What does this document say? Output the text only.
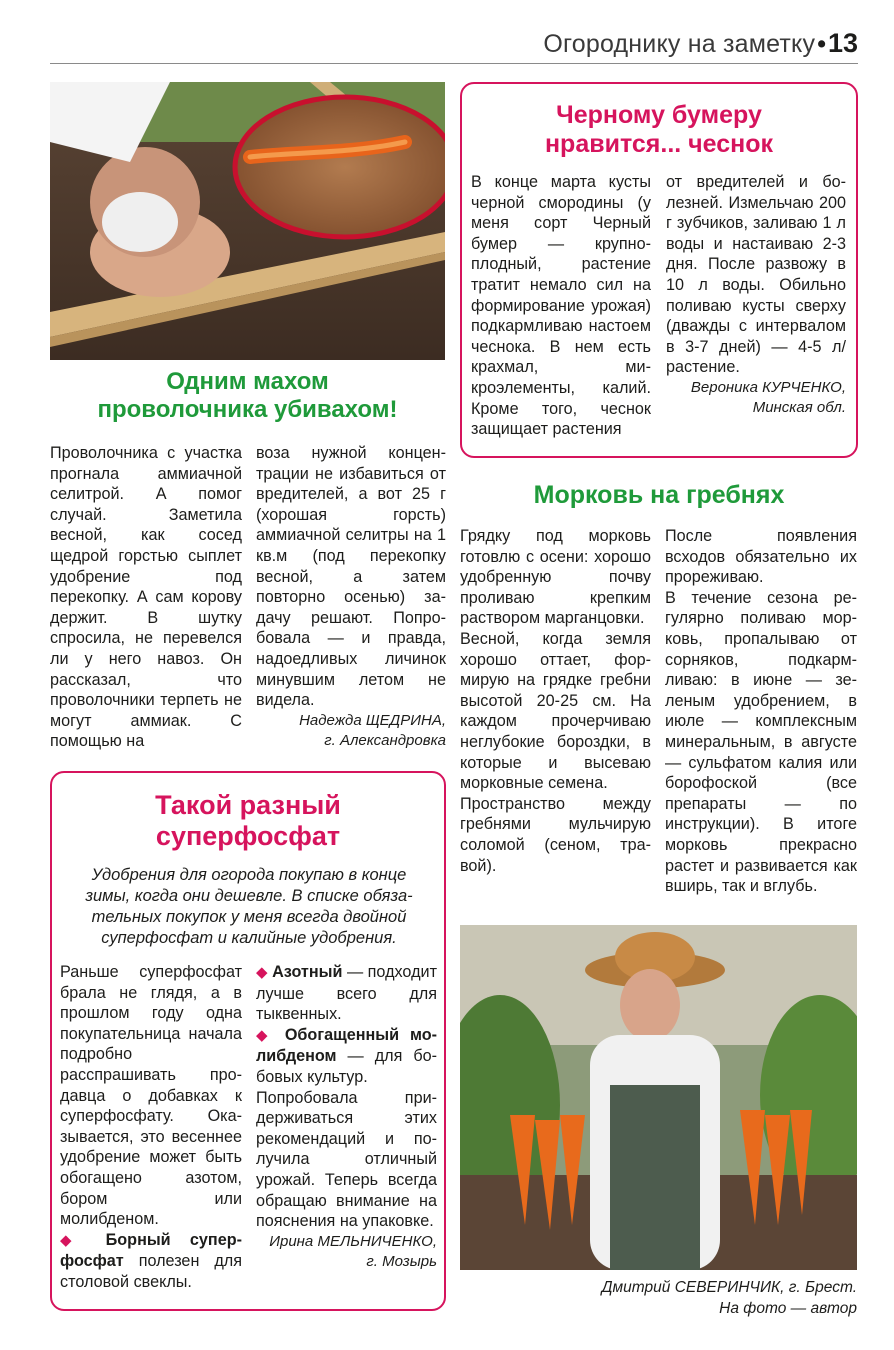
Огороднику на заметку•13
Одним махом
проволочника убивахом!

Проволочника с участка прогнала аммиачной селитрой. А помог случай. Заметила весной, как сосед щедрой горстью сыплет удобрение под перекопку. А сам корову держит. В шутку спросила, не перевелся ли у него навоз. Он рассказал, что проволочники терпеть не могут аммиак. С помощью на

воза нужной концентрации не избавиться от вредителей, а вот 25 г (хорошая горсть) аммиачной селитры на 1 кв.м (под перекопку весной, а затем повторно осенью) задачу решают. Попробовала — и правда, надоедливых личинок минувшим летом не видела.

Надежда ЩЕДРИНА,
г. Александровка
Черному бумеру
нравится... чеснок

В конце марта кусты черной смородины (у меня сорт Черный бумер — крупноплодный, растение тратит немало сил на формирование урожая) подкармливаю настоем чеснока. В нем есть крахмал, микроэлементы, калий. Кроме того, чеснок защищает растения

от вредителей и болезней. Измельчаю 200 г зубчиков, заливаю 1 л воды и настаиваю 2-3 дня. После развожу в 10 л воды. Обильно поливаю кусты сверху (дважды с интервалом в 3-7 дней) — 4-5 л/растение.

Вероника КУРЧЕНКО,
Минская обл.
Морковь на гребнях

Грядку под морковь готовлю с осени: хорошо удобренную почву проливаю крепким раствором марганцовки.

Весной, когда земля хорошо оттает, формирую на грядке гребни высотой 20-25 см. На каждом прочерчиваю неглубокие бороздки, в которые и высеваю морковные семена.

Пространство между гребнями мульчирую соломой (сеном, травой).

После появления всходов обязательно их прореживаю.

В течение сезона регулярно поливаю морковь, пропалываю от сорняков, подкармливаю: в июне — зеленым удобрением, в июле — комплексным минеральным, в августе — сульфатом калия или борофоской (все препараты — по инструкции). В итоге морковь прекрасно растет и развивается как вширь, так и вглубь.

Дмитрий СЕВЕРИНЧИК, г. Брест.
На фото — автор
Такой разный
суперфосфат
Удобрения для огорода покупаю в конце зимы, когда они дешевле. В списке обязательных покупок у меня всегда двойной суперфосфат и калийные удобрения.

Раньше суперфосфат брала не глядя, а в прошлом году одна покупательница начала подробно расспрашивать продавца о добавках к суперфосфату. Оказывается, это весеннее удобрение может быть обогащено азотом, бором или молибденом.

◆ Борный суперфосфат полезен для столовой свеклы.

◆ Азотный — подходит лучше всего для тыквенных.

◆ Обогащенный молибденом — для бобовых культур.

Попробовала придерживаться этих рекомендаций и получила отличный урожай. Теперь всегда обращаю внимание на пояснения на упаковке.

Ирина МЕЛЬНИЧЕНКО,
г. Мозырь
